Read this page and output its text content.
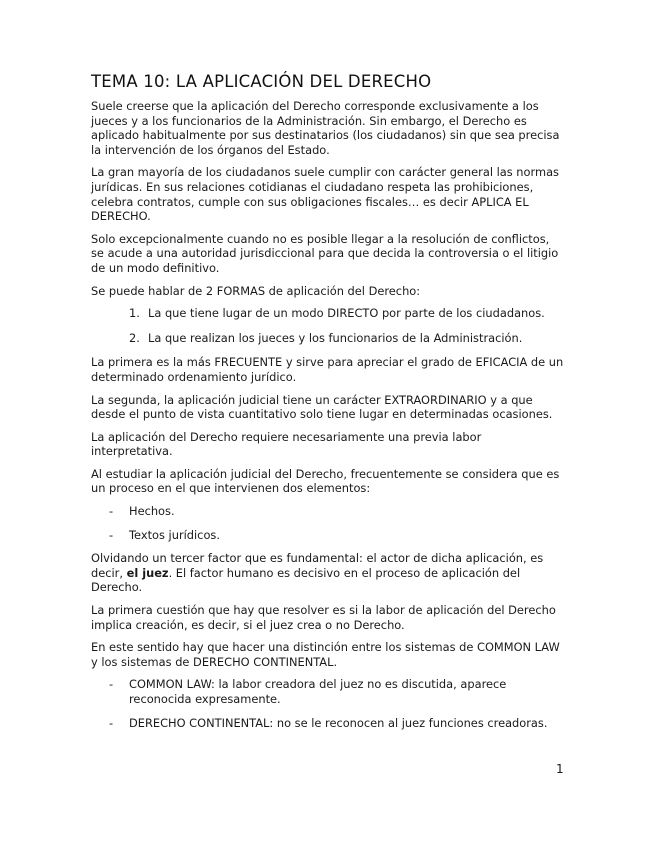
TEMA 10: LA APLICACIÓN DEL DERECHO

Suele creerse que la aplicación del Derecho corresponde exclusivamente a los jueces y a los funcionarios de la Administración. Sin embargo, el Derecho es aplicado habitualmente por sus destinatarios (los ciudadanos) sin que sea precisa la intervención de los órganos del Estado.

La gran mayoría de los ciudadanos suele cumplir con carácter general las normas jurídicas. En sus relaciones cotidianas el ciudadano respeta las prohibiciones, celebra contratos, cumple con sus obligaciones fiscales… es decir APLICA EL DERECHO.

Solo excepcionalmente cuando no es posible llegar a la resolución de conflictos, se acude a una autoridad jurisdiccional para que decida la controversia o el litigio de un modo definitivo.

Se puede hablar de 2 FORMAS de aplicación del Derecho:

1. La que tiene lugar de un modo DIRECTO por parte de los ciudadanos.
2. La que realizan los jueces y los funcionarios de la Administración.

La primera es la más FRECUENTE y sirve para apreciar el grado de EFICACIA de un determinado ordenamiento jurídico.

La segunda, la aplicación judicial tiene un carácter EXTRAORDINARIO y a que desde el punto de vista cuantitativo solo tiene lugar en determinadas ocasiones.

La aplicación del Derecho requiere necesariamente una previa labor interpretativa.

Al estudiar la aplicación judicial del Derecho, frecuentemente se considera que es un proceso en el que intervienen dos elementos:

- Hechos.
- Textos jurídicos.

Olvidando un tercer factor que es fundamental: el actor de dicha aplicación, es decir, el juez. El factor humano es decisivo en el proceso de aplicación del Derecho.

La primera cuestión que hay que resolver es si la labor de aplicación del Derecho implica creación, es decir, si el juez crea o no Derecho.

En este sentido hay que hacer una distinción entre los sistemas de COMMON LAW y los sistemas de DERECHO CONTINENTAL.

- COMMON LAW: la labor creadora del juez no es discutida, aparece reconocida expresamente.
- DERECHO CONTINENTAL: no se le reconocen al juez funciones creadoras.
1
